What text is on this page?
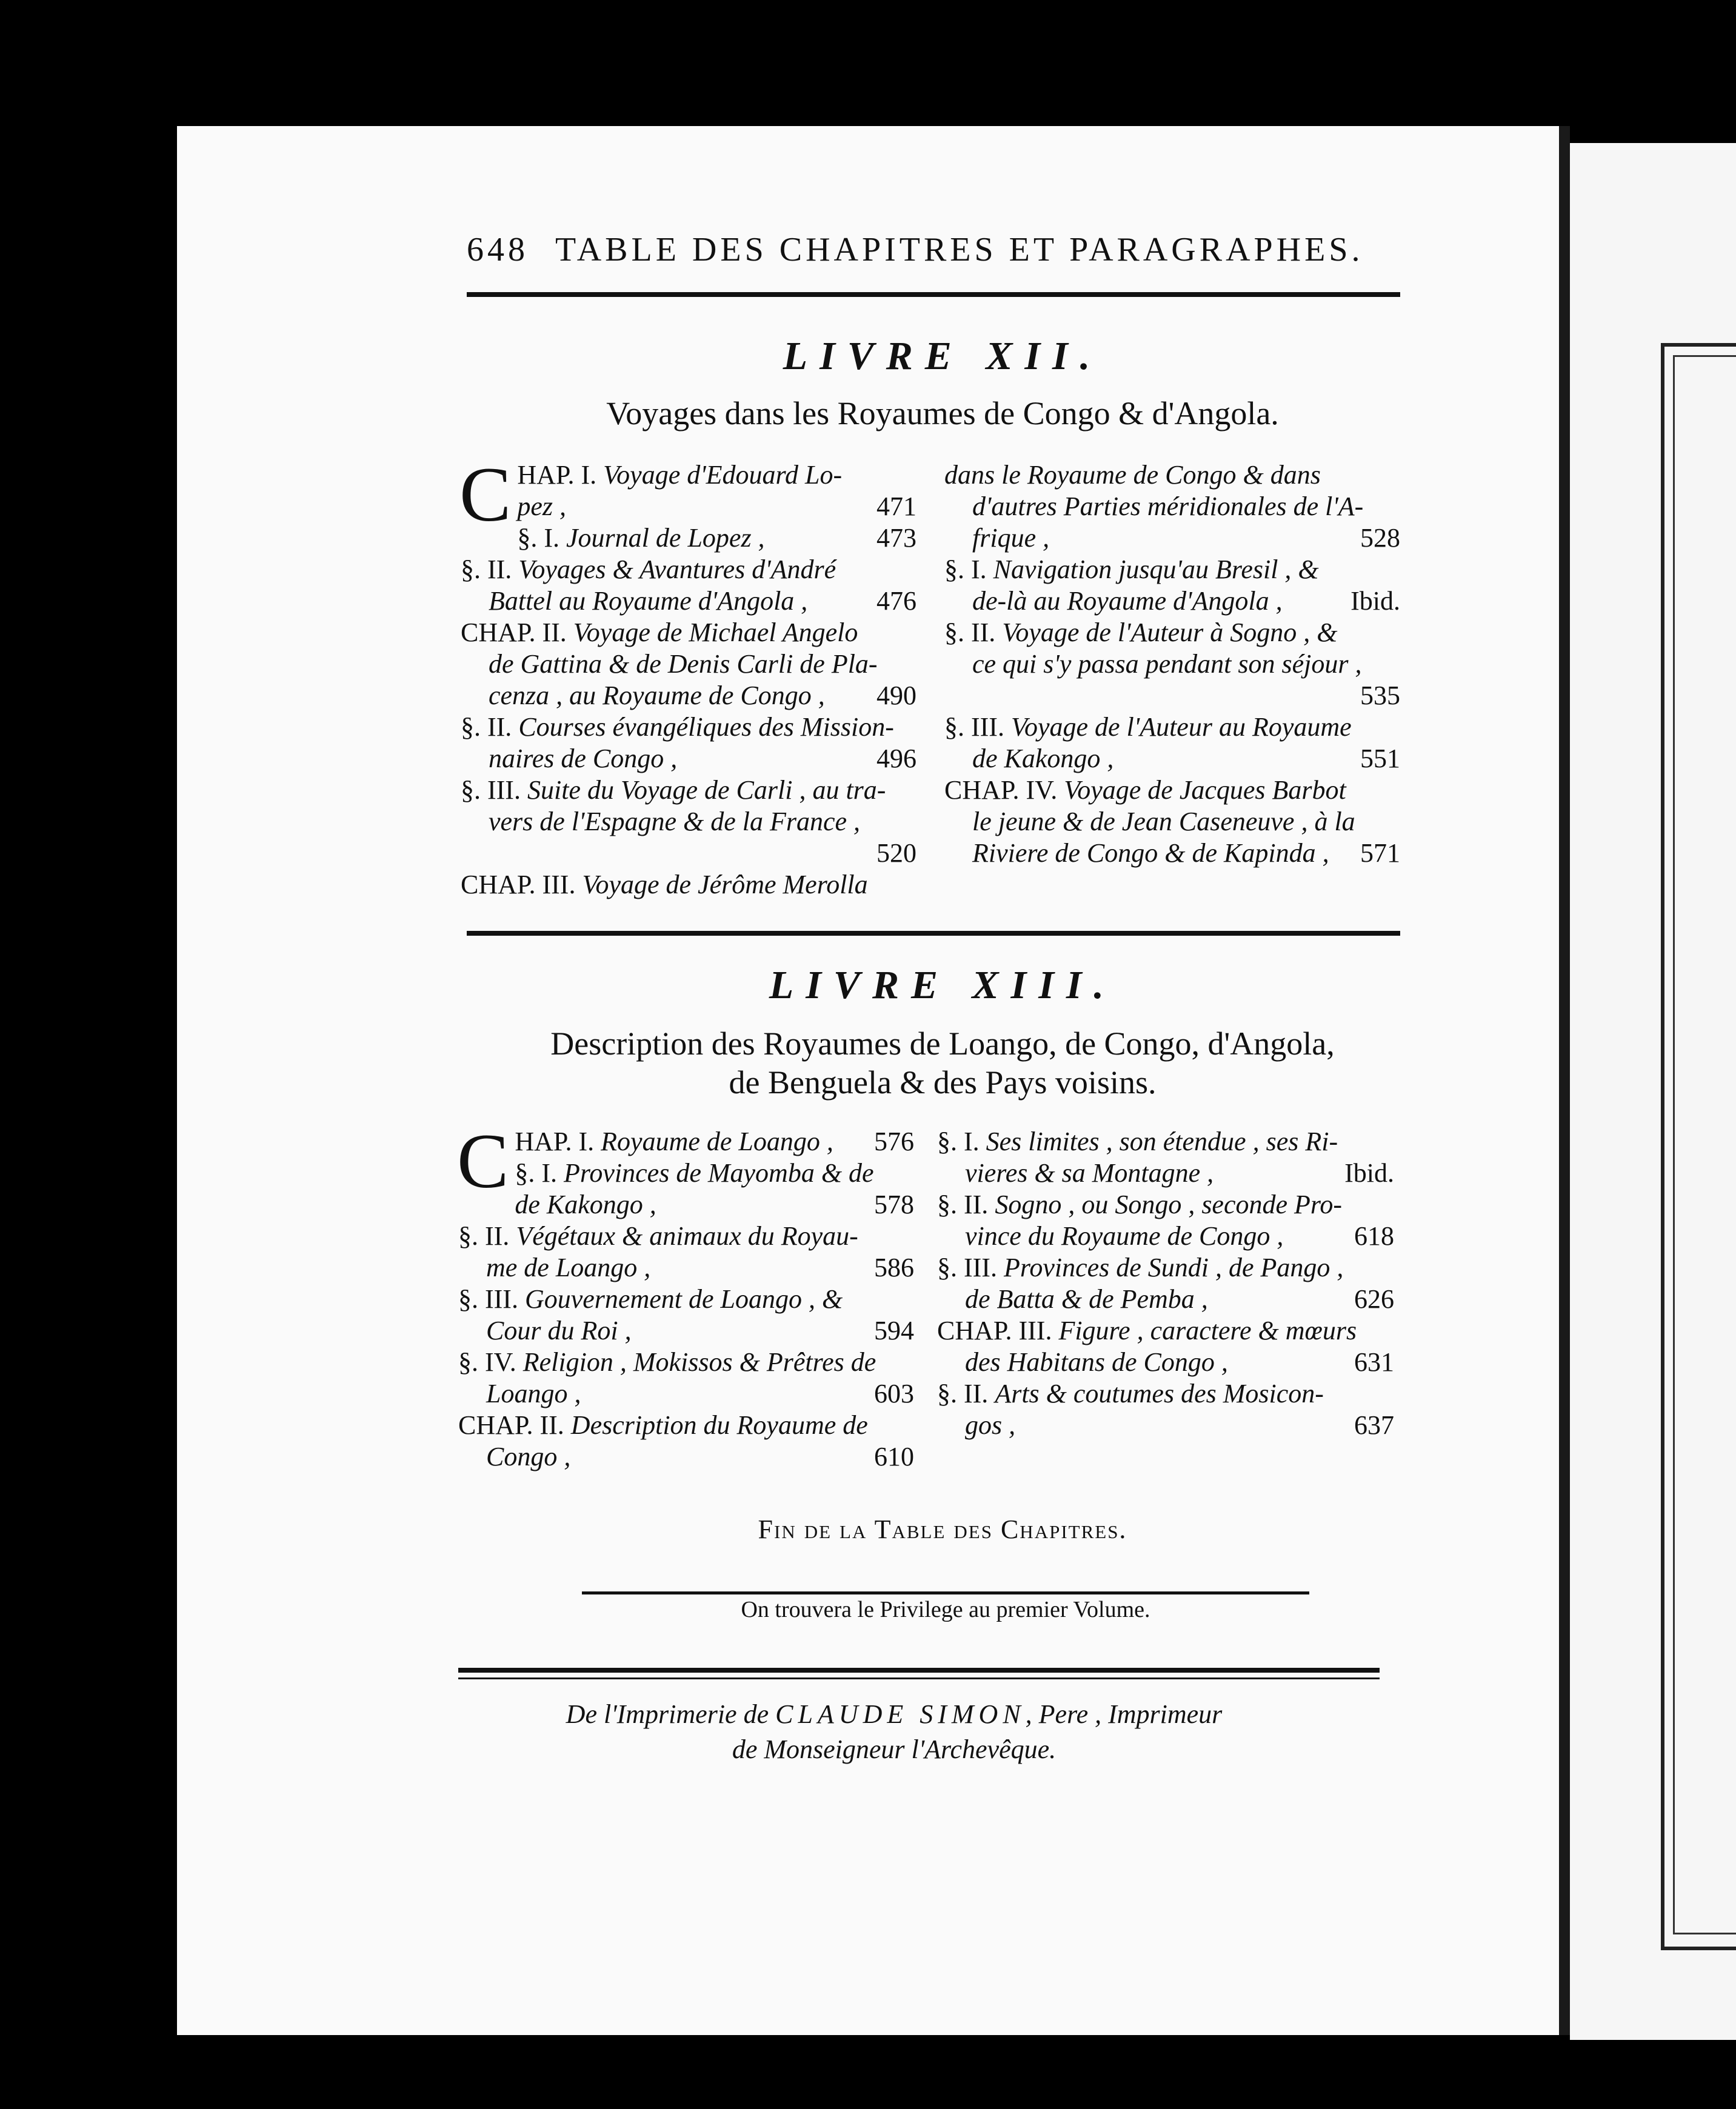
648 TABLE DES CHAPITRES ET PARAGRAPHES.
LIVRE XII.
Voyages dans les Royaumes de Congo & d'Angola.
C HAP. I. Voyage d'Edouard Lo-
pez ,	471
§. I. Journal de Lopez ,	473
§. II. Voyages & Avantures d'André
Battel au Royaume d'Angola ,	476
CHAP. II. Voyage de Michael Angelo
de Gattina & de Denis Carli de Pla-
cenza , au Royaume de Congo , 490
§. II. Courses évangéliques des Mission-
naires de Congo ,	496
§. III. Suite du Voyage de Carli , au tra-
vers de l'Espagne & de la France ,

520
CHAP. III. Voyage de Jérôme Merolla
dans le Royaume de Congo & dans
d'autres Parties méridionales de l'A-
frique ,	528
§. I. Navigation jusqu'au Bresil , &
de-là au Royaume d'Angola ,	Ibid.
§. II. Voyage de l'Auteur à Sogno , &
ce qui s'y passa pendant son séjour ,

535
§. III. Voyage de l'Auteur au Royaume
de Kakongo ,	551
CHAP. IV. Voyage de Jacques Barbot
le jeune & de Jean Caseneuve , à la
Riviere de Congo & de Kapinda , 571
LIVRE XIII.
Description des Royaumes de Loango, de Congo, d'Angola,
de Benguela & des Pays voisins.
C HAP. I. Royaume de Loango , 576
§. I. Provinces de Mayomba & de
de Kakongo ,	578
§. II. Végétaux & animaux du Royau-
me de Loango ,	586
§. III. Gouvernement de Loango , &
Cour du Roi ,	594
§. IV. Religion , Mokissos & Prêtres de
Loango ,	603
CHAP. II. Description du Royaume de
Congo ,	610
§. I. Ses limites , son étendue , ses Ri-
vieres & sa Montagne ,	Ibid.
§. II. Sogno , ou Songo , seconde Pro-
vince du Royaume de Congo ,	618
§. III. Provinces de Sundi , de Pango ,
de Batta & de Pemba ,	626
CHAP. III. Figure , caractere & mœurs
des Habitans de Congo ,	631
§. II. Arts & coutumes des Mosicon-
gos ,	637
Fin de la Table des Chapitres.
On trouvera le Privilege au premier Volume.
De l'Imprimerie de CLAUDE SIMON, Pere , Imprimeur
de Monseigneur l'Archevêque.
